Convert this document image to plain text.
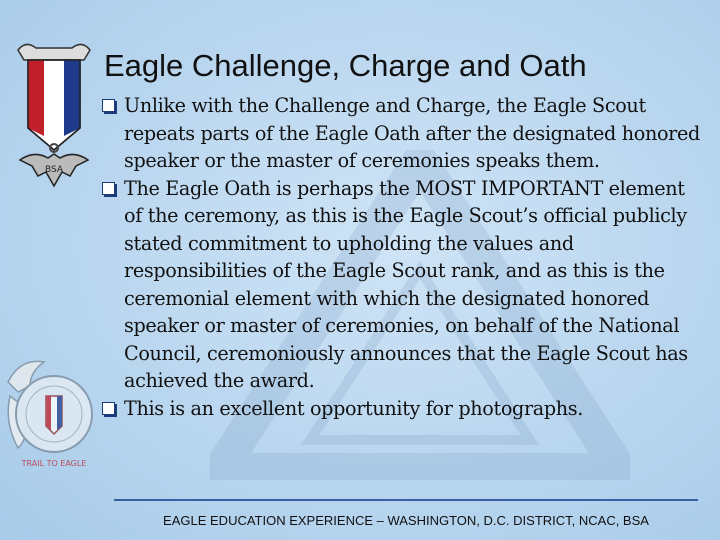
BSA
TRAIL TO EAGLE
Eagle Challenge, Charge and Oath
Unlike with the Challenge and Charge, the Eagle Scout repeats parts of the Eagle Oath after the designated honored speaker or the master of ceremonies speaks them.
The Eagle Oath is perhaps the MOST IMPORTANT element of the ceremony, as this is the Eagle Scout’s official publicly stated commitment to upholding the values and responsibilities of the Eagle Scout rank, and as this is the ceremonial element with which the designated honored speaker or master of ceremonies, on behalf of the National Council, ceremoniously announces that the Eagle Scout has achieved the award.
This is an excellent opportunity for photographs.
EAGLE EDUCATION EXPERIENCE – WASHINGTON, D.C. DISTRICT, NCAC, BSA
